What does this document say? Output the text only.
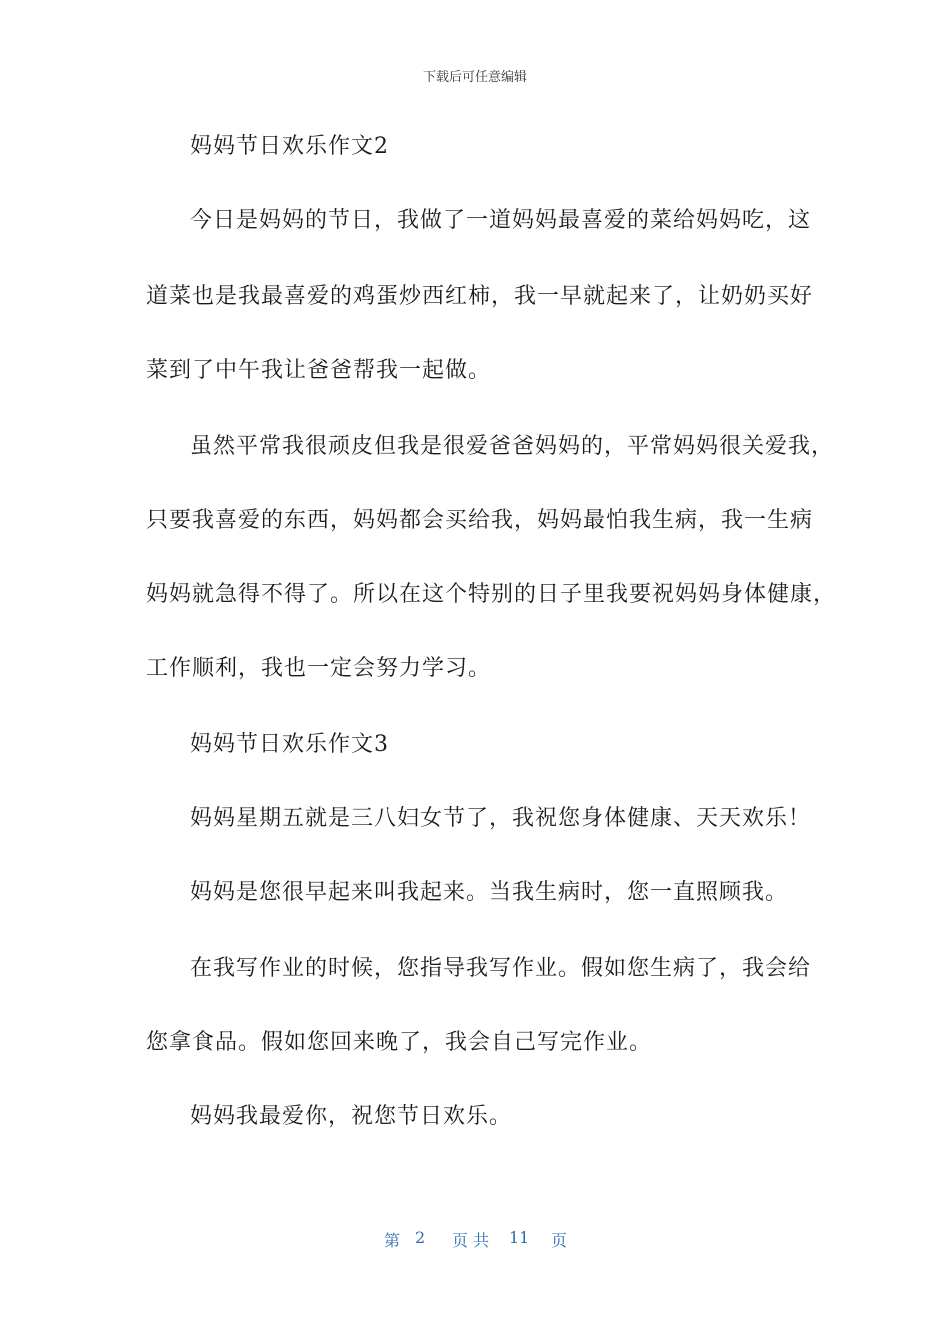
下载后可任意编辑
妈妈节日欢乐作文2
今日是妈妈的节日，我做了一道妈妈最喜爱的菜给妈妈吃，这
道菜也是我最喜爱的鸡蛋炒西红柿，我一早就起来了，让奶奶买好
菜到了中午我让爸爸帮我一起做。
虽然平常我很顽皮但我是很爱爸爸妈妈的，平常妈妈很关爱我，
只要我喜爱的东西，妈妈都会买给我，妈妈最怕我生病，我一生病
妈妈就急得不得了。所以在这个特别的日子里我要祝妈妈身体健康，
工作顺利，我也一定会努力学习。
妈妈节日欢乐作文3
妈妈星期五就是三八妇女节了，我祝您身体健康、天天欢乐！
妈妈是您很早起来叫我起来。当我生病时，您一直照顾我。
在我写作业的时候，您指导我写作业。假如您生病了，我会给
您拿食品。假如您回来晚了，我会自己写完作业。
妈妈我最爱你，祝您节日欢乐。
第 2 页 共 11 页
